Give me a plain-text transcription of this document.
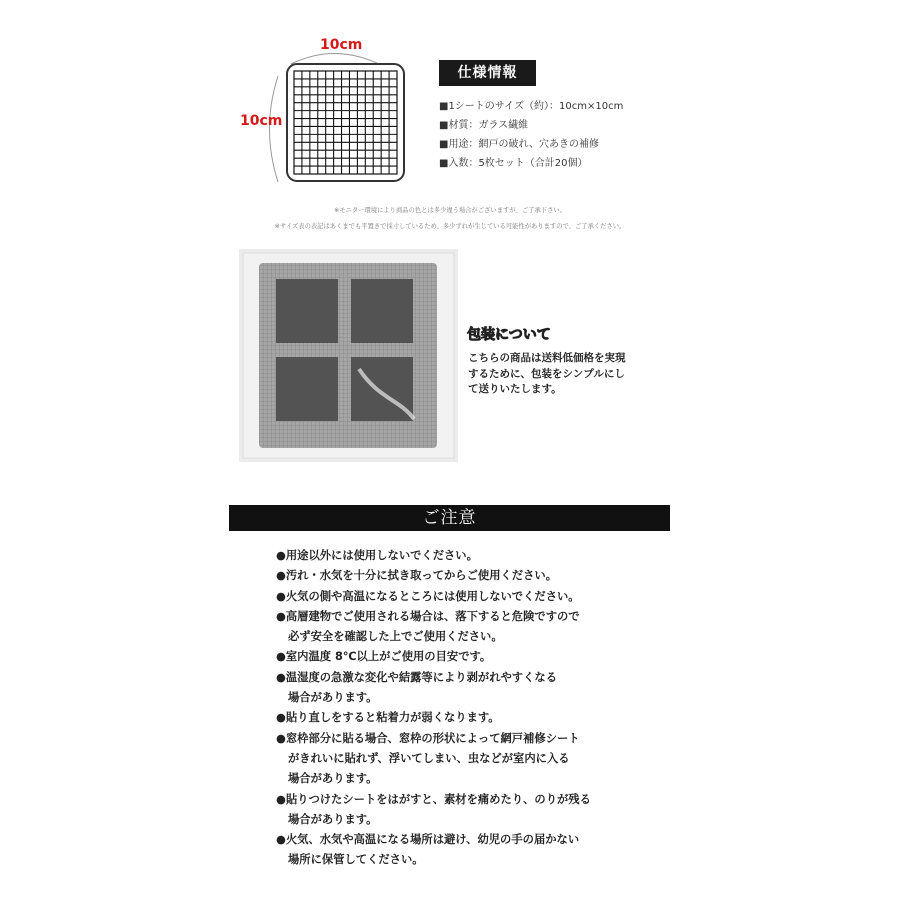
10cm
10cm
仕様情報
■1シートのサイズ（約）：10cm×10cm
■材質：ガラス繊維
■用途：網戸の破れ、穴あきの補修
■入数：5枚セット（合計20個）
※モニター環境により商品の色とは多少違う場合がございますが、ご了承下さい。
※サイズ表の表記はあくまでも平置きで採寸しているため、多少ずれが生じている可能性がありますので、ご了承ください。
包装について
こちらの商品は送料低価格を実現
するために、包装をシンプルにし
て送りいたします。
ご注意
●用途以外には使用しないでください。
●汚れ・水気を十分に拭き取ってからご使用ください。
●火気の側や高温になるところには使用しないでください。
●高層建物でご使用される場合は、落下すると危険ですので
必ず安全を確認した上でご使用ください。
●室内温度 8℃以上がご使用の目安です。
●温湿度の急激な変化や結露等により剥がれやすくなる
場合があります。
●貼り直しをすると粘着力が弱くなります。
●窓枠部分に貼る場合、窓枠の形状によって網戸補修シート
がきれいに貼れず、浮いてしまい、虫などが室内に入る
場合があります。
●貼りつけたシートをはがすと、素材を痛めたり、のりが残る
場合があります。
●火気、水気や高温になる場所は避け、幼児の手の届かない
場所に保管してください。
